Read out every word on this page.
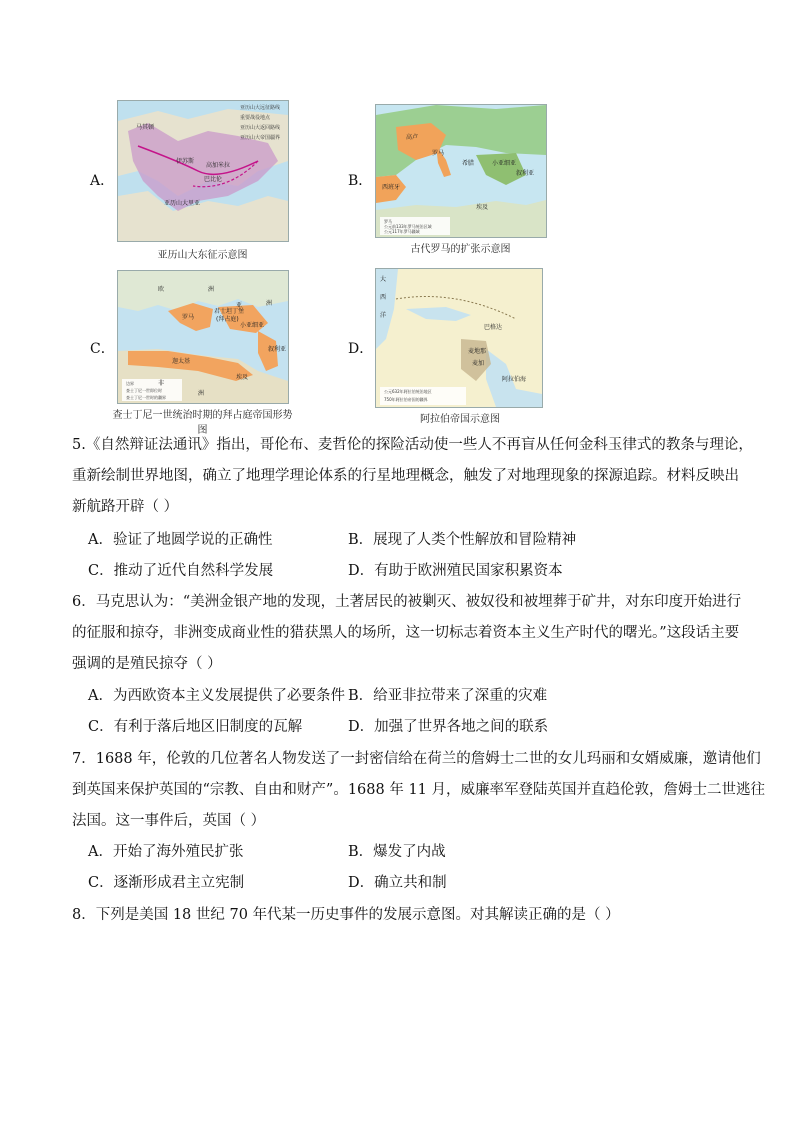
A．
马其顿
伊苏斯
高加米拉
巴比伦
亚历山大里亚
亚历山大远征路线
重要战役地点
亚历山大返回路线
亚历山大帝国疆界
亚历山大东征示意图
B．
高卢
西班牙
罗马
希腊	小亚细亚
叙利亚
埃及
罗马
公元前133年罗马统治区域
公元117年罗马疆域
古代罗马的扩张示意图
C．
欧	洲
君士坦丁堡
(拜占庭)
亚	洲
小亚细亚
叙利亚
非
洲
埃及
罗马
迦太基
边界
查士丁尼一世即位时
查士丁尼一世时的疆界
查士丁尼一世统治时期的拜占庭帝国形势图
D．
大
西
洋
巴格达
麦地那
麦加
阿拉伯海
公元632年阿拉伯统治地区
750年阿拉伯帝国的疆界
阿拉伯帝国示意图
5.《自然辩证法通讯》指出，哥伦布、麦哲伦的探险活动使一些人不再盲从任何金科玉律式的教条与理论，
重新绘制世界地图，确立了地理学理论体系的行星地理概念，触发了对地理现象的探源追踪。材料反映出
新航路开辟（ ）
A．验证了地圆学说的正确性	B．展现了人类个性解放和冒险精神
C．推动了近代自然科学发展	D．有助于欧洲殖民国家积累资本
6．马克思认为：“美洲金银产地的发现，土著居民的被剿灭、被奴役和被埋葬于矿井，对东印度开始进行
的征服和掠夺，非洲变成商业性的猎获黑人的场所，这一切标志着资本主义生产时代的曙光。”这段话主要
强调的是殖民掠夺（ ）
A．为西欧资本主义发展提供了必要条件 B．给亚非拉带来了深重的灾难
C．有利于落后地区旧制度的瓦解	D．加强了世界各地之间的联系
7．1688 年，伦敦的几位著名人物发送了一封密信给在荷兰的詹姆士二世的女儿玛丽和女婿威廉，邀请他们
到英国来保护英国的“宗教、自由和财产”。1688 年 11 月，威廉率军登陆英国并直趋伦敦，詹姆士二世逃往
法国。这一事件后，英国（ ）
A．开始了海外殖民扩张	B．爆发了内战
C．逐渐形成君主立宪制	D．确立共和制
8．下列是美国 18 世纪 70 年代某一历史事件的发展示意图。对其解读正确的是（ ）
